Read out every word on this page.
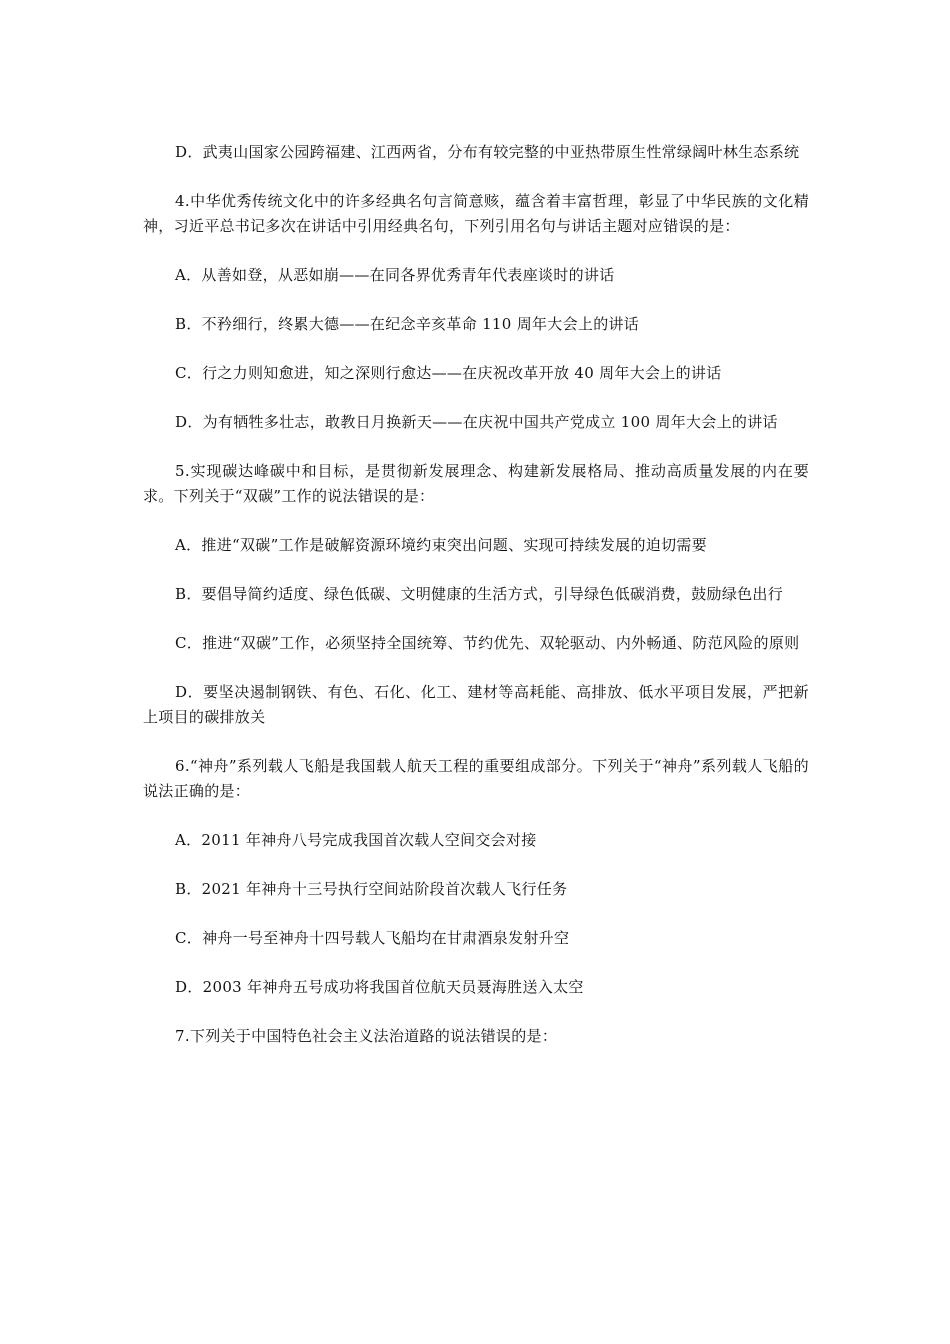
D．武夷山国家公园跨福建、江西两省，分布有较完整的中亚热带原生性常绿阔叶林生态系统

4.中华优秀传统文化中的许多经典名句言简意赅，蕴含着丰富哲理，彰显了中华民族的文化精神，习近平总书记多次在讲话中引用经典名句，下列引用名句与讲话主题对应错误的是：

A．从善如登，从恶如崩——在同各界优秀青年代表座谈时的讲话

B．不矜细行，终累大德——在纪念辛亥革命 110 周年大会上的讲话

C．行之力则知愈进，知之深则行愈达——在庆祝改革开放 40 周年大会上的讲话

D．为有牺牲多壮志，敢教日月换新天——在庆祝中国共产党成立 100 周年大会上的讲话

5.实现碳达峰碳中和目标，是贯彻新发展理念、构建新发展格局、推动高质量发展的内在要求。下列关于“双碳”工作的说法错误的是：

A．推进“双碳”工作是破解资源环境约束突出问题、实现可持续发展的迫切需要

B．要倡导简约适度、绿色低碳、文明健康的生活方式，引导绿色低碳消费，鼓励绿色出行

C．推进“双碳”工作，必须坚持全国统筹、节约优先、双轮驱动、内外畅通、防范风险的原则

D．要坚决遏制钢铁、有色、石化、化工、建材等高耗能、高排放、低水平项目发展，严把新上项目的碳排放关

6.“神舟”系列载人飞船是我国载人航天工程的重要组成部分。下列关于“神舟”系列载人飞船的说法正确的是：

A．2011 年神舟八号完成我国首次载人空间交会对接

B．2021 年神舟十三号执行空间站阶段首次载人飞行任务

C．神舟一号至神舟十四号载人飞船均在甘肃酒泉发射升空

D．2003 年神舟五号成功将我国首位航天员聂海胜送入太空

7.下列关于中国特色社会主义法治道路的说法错误的是：
